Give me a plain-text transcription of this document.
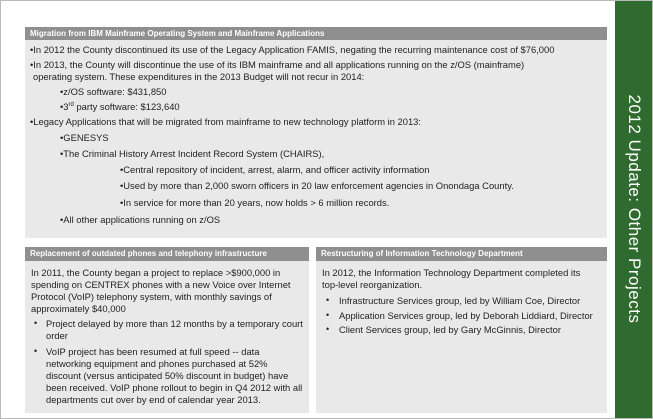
2012 Update: Other Projects
Migration from IBM Mainframe Operating System and Mainframe Applications
•In 2012 the County discontinued its use of the Legacy Application FAMIS, negating the recurring maintenance cost of $76,000
•In 2013, the County will discontinue the use of its IBM mainframe and all applications running on the z/OS (mainframe)
operating system. These expenditures in the 2013 Budget will not recur in 2014:
•z/OS software: $431,850
•3rd party software: $123,640
•Legacy Applications that will be migrated from mainframe to new technology platform in 2013:
•GENESYS
•The Criminal History Arrest Incident Record System (CHAIRS),
•Central repository of incident, arrest, alarm, and officer activity information
•Used by more than 2,000 sworn officers in 20 law enforcement agencies in Onondaga County.
•In service for more than 20 years, now holds > 6 million records.
•All other applications running on z/OS
Replacement of outdated phones and telephony infrastructure
In 2011, the County began a project to replace >$900,000 in
spending on CENTREX phones with a new Voice over Internet
Protocol (VoIP) telephony system, with monthly savings of
approximately $40,000
• Project delayed by more than 12 months by a temporary court
order
• VoIP project has been resumed at full speed -- data
networking equipment and phones purchased at 52%
discount (versus anticipated 50% discount in budget) have
been received. VoIP phone rollout to begin in Q4 2012 with all
departments cut over by end of calendar year 2013.
Restructuring of Information Technology Department
In 2012, the Information Technology Department completed its
top-level reorganization.
• Infrastructure Services group, led by William Coe, Director
• Application Services group, led by Deborah Liddiard, Director
• Client Services group, led by Gary McGinnis, Director
